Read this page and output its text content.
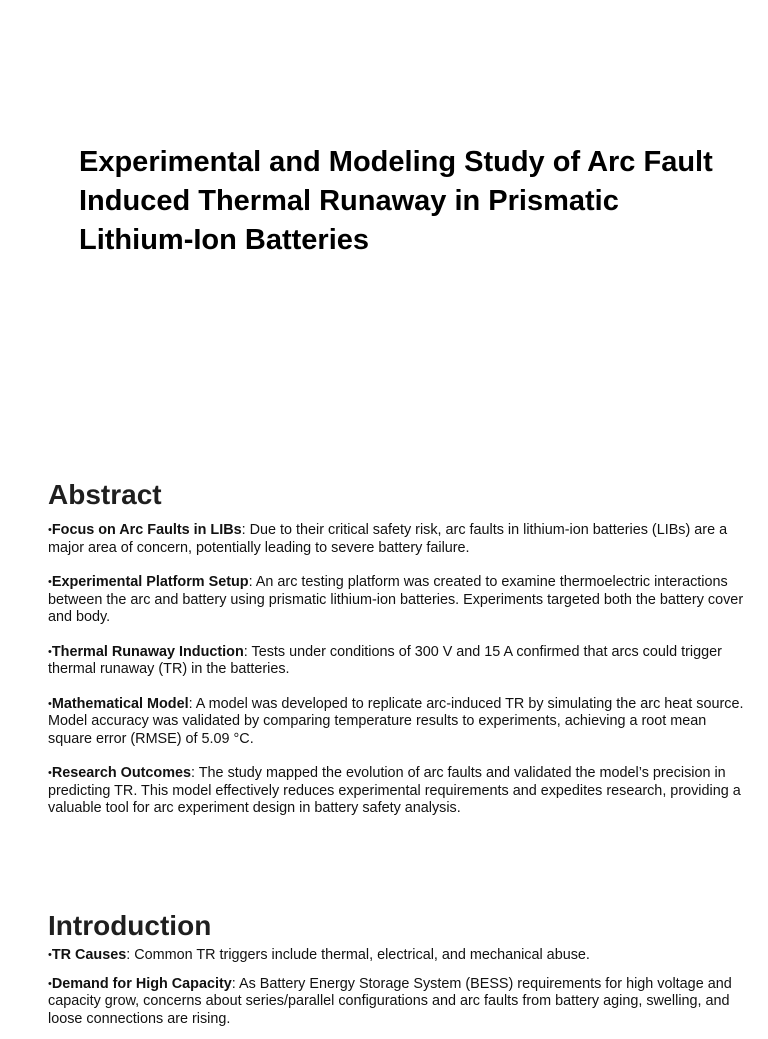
Experimental and Modeling Study of Arc Fault Induced Thermal Runaway in Prismatic Lithium-Ion Batteries
Abstract

•Focus on Arc Faults in LIBs: Due to their critical safety risk, arc faults in lithium-ion batteries (LIBs) are a major area of concern, potentially leading to severe battery failure.

•Experimental Platform Setup: An arc testing platform was created to examine thermoelectric interactions between the arc and battery using prismatic lithium-ion batteries. Experiments targeted both the battery cover and body.

•Thermal Runaway Induction: Tests under conditions of 300 V and 15 A confirmed that arcs could trigger thermal runaway (TR) in the batteries.

•Mathematical Model: A model was developed to replicate arc-induced TR by simulating the arc heat source. Model accuracy was validated by comparing temperature results to experiments, achieving a root mean square error (RMSE) of 5.09 °C.

•Research Outcomes: The study mapped the evolution of arc faults and validated the model’s precision in predicting TR. This model effectively reduces experimental requirements and expedites research, providing a valuable tool for arc experiment design in battery safety analysis.

Introduction

•TR Causes: Common TR triggers include thermal, electrical, and mechanical abuse.

•Demand for High Capacity: As Battery Energy Storage System (BESS) requirements for high voltage and capacity grow, concerns about series/parallel configurations and arc faults from battery aging, swelling, and loose connections are rising.
